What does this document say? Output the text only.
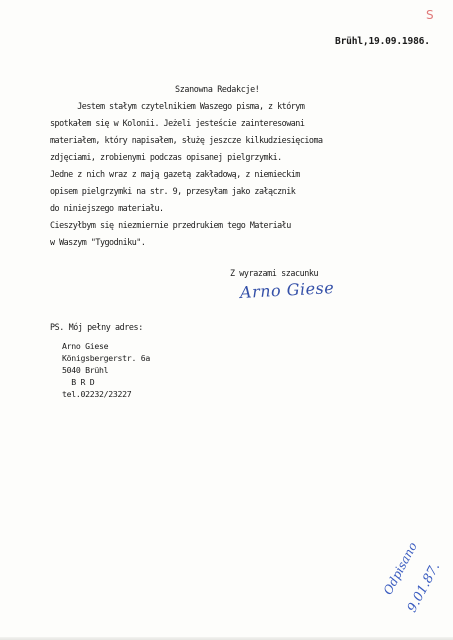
S
Brühl,19.09.1986.
Szanowna Redakcje!
Jestem stałym czytelnikiem Waszego pisma, z którym
spotkałem się w Kolonii. Jeżeli jesteście zainteresowani
materiałem, który napisałem, służę jeszcze kilkudziesięcioma
zdjęciami, zrobienymi podczas opisanej pielgrzymki.
Jedne z nich wraz z mają gazetą zakładową, z niemieckim
opisem pielgrzymki na str. 9, przesyłam jako załącznik
do niniejszego materiału.
Cieszyłbym się niezmiernie przedrukiem tego Materiału
w Waszym "Tygodniku".
Z wyrazami szacunku
Arno Giese
PS. Mój pełny adres:
Arno Giese
Königsbergerstr. 6a
5040 Brühl
B R D
tel.02232/23227
Odpisano
9.01.87.
